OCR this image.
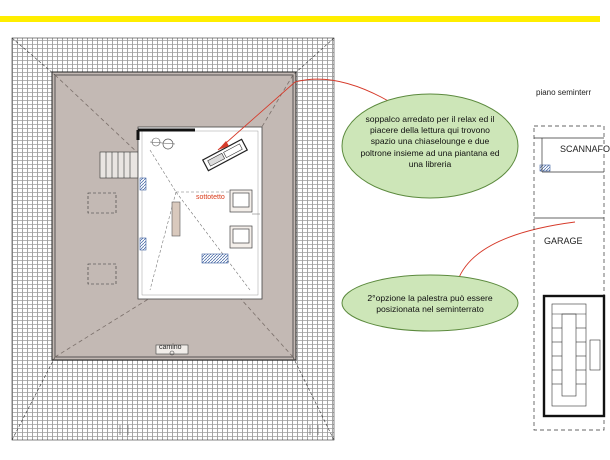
piano seminterr
SCANNAFO
GARAGE
sottotetto
camino
soppalco arredato per il relax ed il piacere della lettura qui trovono spazio una chiaselounge e due poltrone insieme ad una piantana ed una libreria
2°opzione la palestra può essere posizionata nel seminterrato
